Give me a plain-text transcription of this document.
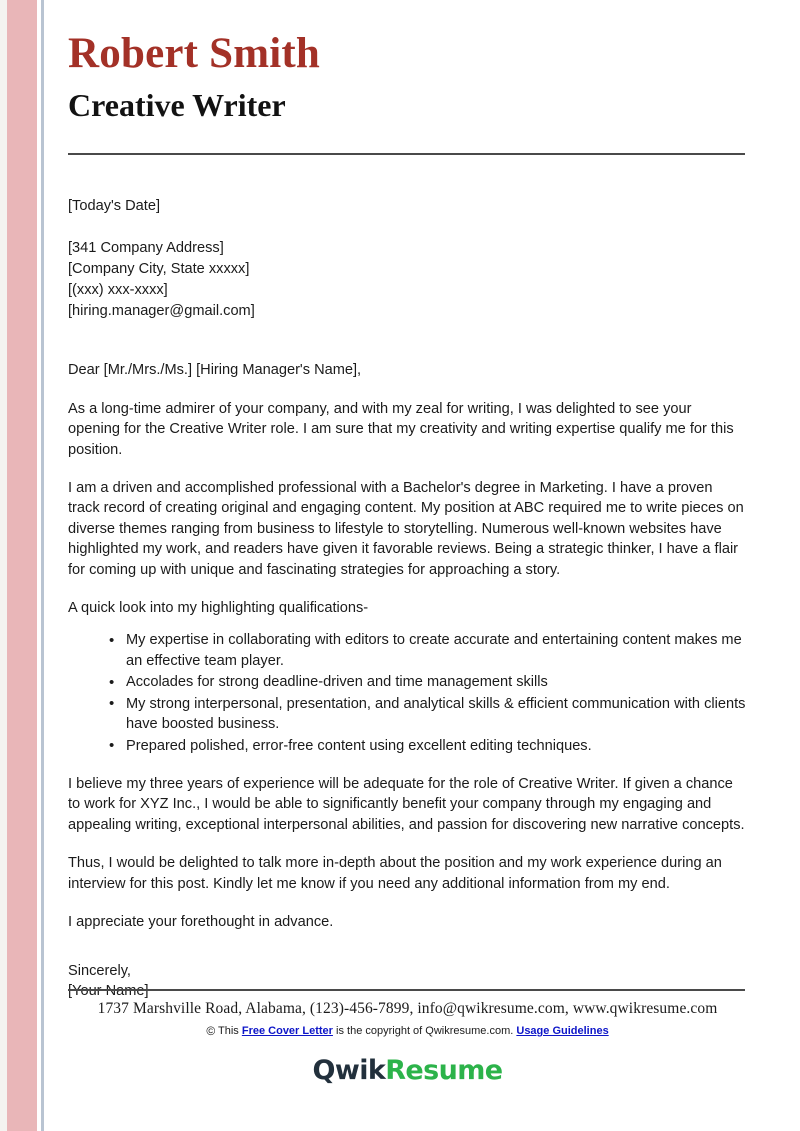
Robert Smith
Creative Writer
[Today's Date]
[341 Company Address]
[Company City, State xxxxx]
[(xxx) xxx-xxxx]
[hiring.manager@gmail.com]
Dear [Mr./Mrs./Ms.] [Hiring Manager's Name],

As a long-time admirer of your company, and with my zeal for writing, I was delighted to see your opening for the Creative Writer role. I am sure that my creativity and writing expertise qualify me for this position.

I am a driven and accomplished professional with a Bachelor's degree in Marketing. I have a proven track record of creating original and engaging content. My position at ABC required me to write pieces on diverse themes ranging from business to lifestyle to storytelling. Numerous well-known websites have highlighted my work, and readers have given it favorable reviews. Being a strategic thinker, I have a flair for coming up with unique and fascinating strategies for approaching a story.

A quick look into my highlighting qualifications-

• My expertise in collaborating with editors to create accurate and entertaining content makes me an effective team player.
• Accolades for strong deadline-driven and time management skills
• My strong interpersonal, presentation, and analytical skills & efficient communication with clients have boosted business.
• Prepared polished, error-free content using excellent editing techniques.

I believe my three years of experience will be adequate for the role of Creative Writer. If given a chance to work for XYZ Inc., I would be able to significantly benefit your company through my engaging and appealing writing, exceptional interpersonal abilities, and passion for discovering new narrative concepts.

Thus, I would be delighted to talk more in-depth about the position and my work experience during an interview for this post. Kindly let me know if you need any additional information from my end.

I appreciate your forethought in advance.

Sincerely,
[Your Name]
1737 Marshville Road, Alabama, (123)-456-7899, info@qwikresume.com, www.qwikresume.com
© This Free Cover Letter is the copyright of Qwikresume.com. Usage Guidelines
QwikResume
